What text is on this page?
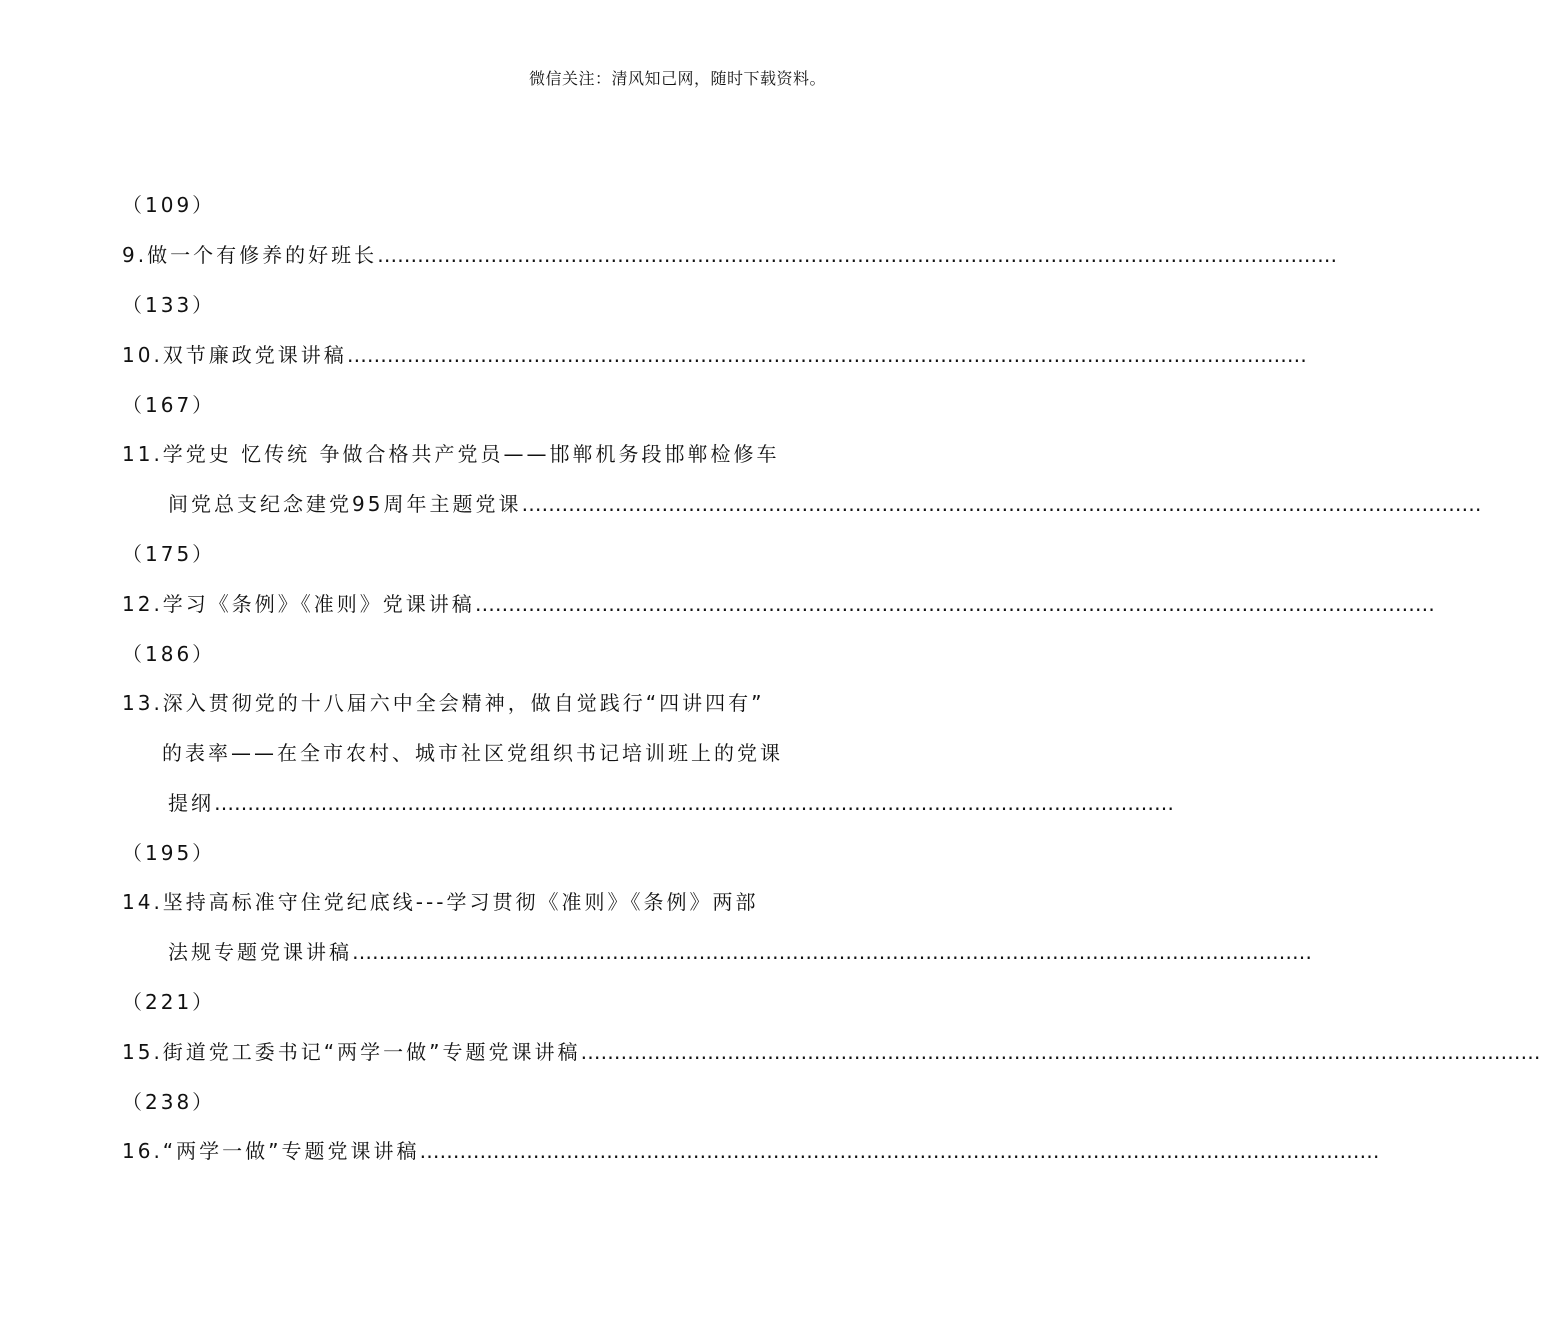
微信关注：清风知己网，随时下载资料。
（109）
9.做一个有修养的好班长 ………………………………………………………………………………………………………………………………
（133）
10.双节廉政党课讲稿 ………………………………………………………………………………………………………………………………
（167）
11.学党史 忆传统 争做合格共产党员——邯郸机务段邯郸检修车
间党总支纪念建党95周年主题党课 ………………………………………………………………………………………………………………………………
（175）
12.学习《条例》《准则》党课讲稿 ………………………………………………………………………………………………………………………………
（186）
13.深入贯彻党的十八届六中全会精神，做自觉践行“四讲四有”
的表率——在全市农村、城市社区党组织书记培训班上的党课
提纲 ………………………………………………………………………………………………………………………………
（195）
14.坚持高标准守住党纪底线---学习贯彻《准则》《条例》两部
法规专题党课讲稿 ………………………………………………………………………………………………………………………………
（221）
15.街道党工委书记“两学一做”专题党课讲稿 ………………………………………………………………………………………………………………………………
（238）
16.“两学一做”专题党课讲稿 ………………………………………………………………………………………………………………………………
